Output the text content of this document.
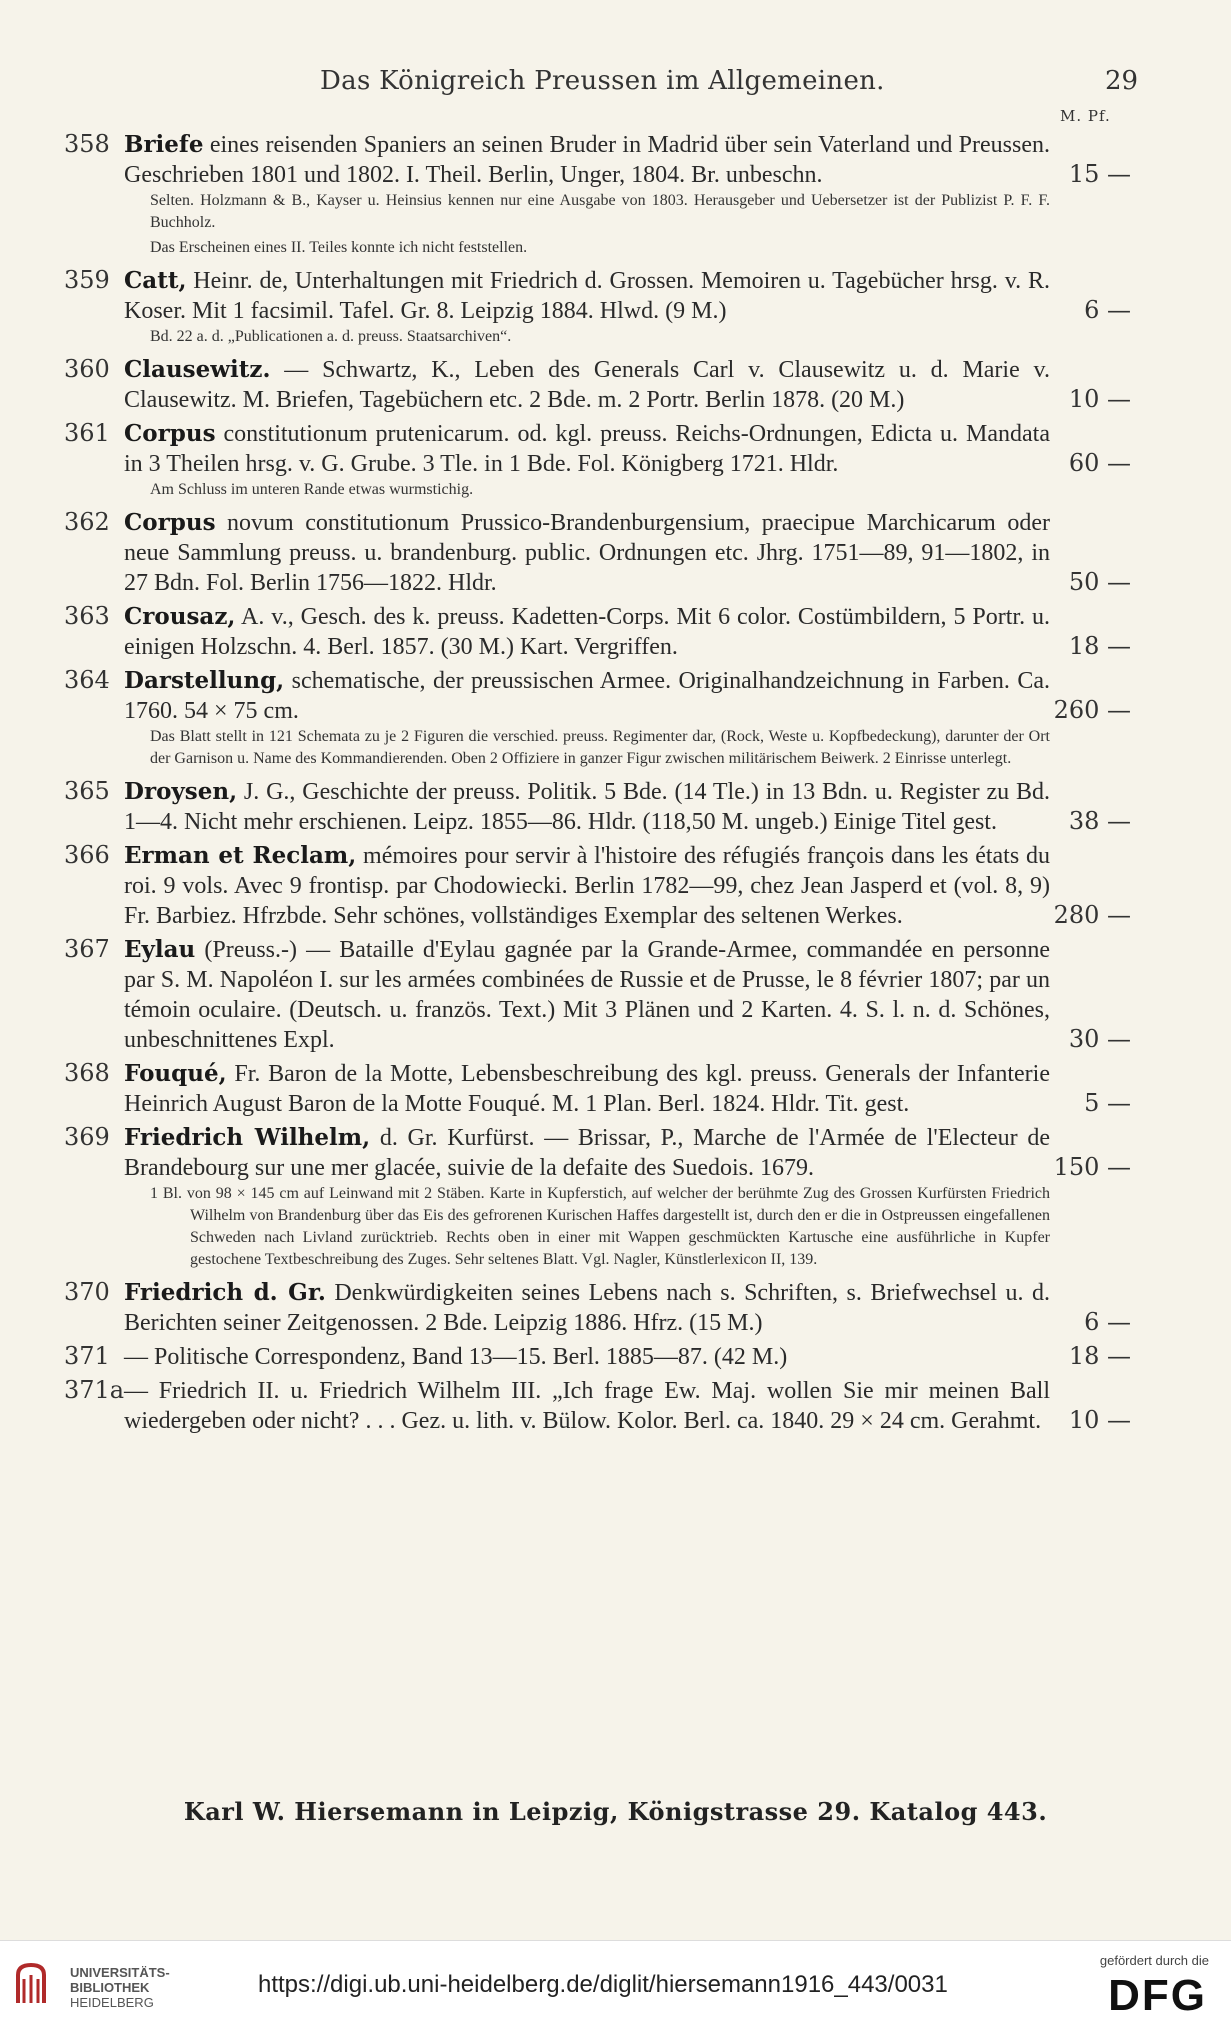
Das Königreich Preussen im Allgemeinen.	29
M. Pf.
358 Briefe eines reisenden Spaniers an seinen Bruder in Madrid über sein Vaterland und Preussen. Geschrieben 1801 und 1802. I. Theil. Berlin, Unger, 1804. Br. unbeschn.	15 —
Selten. Holzmann & B., Kayser u. Heinsius kennen nur eine Ausgabe von 1803. Herausgeber und Uebersetzer ist der Publizist P. F. F. Buchholz.
Das Erscheinen eines II. Teiles konnte ich nicht feststellen.
359 Catt, Heinr. de, Unterhaltungen mit Friedrich d. Grossen. Memoiren u. Tagebücher hrsg. v. R. Koser. Mit 1 facsimil. Tafel. Gr. 8. Leipzig 1884. Hlwd. (9 M.)	6 —
Bd. 22 a. d. „Publicationen a. d. preuss. Staatsarchiven“.
360 Clausewitz. — Schwartz, K., Leben des Generals Carl v. Clausewitz u. d. Marie v. Clausewitz. M. Briefen, Tagebüchern etc. 2 Bde. m. 2 Portr. Berlin 1878. (20 M.)	10 —
361 Corpus constitutionum prutenicarum. od. kgl. preuss. Reichs-Ordnungen, Edicta u. Mandata in 3 Theilen hrsg. v. G. Grube. 3 Tle. in 1 Bde. Fol. Königberg 1721. Hldr.	60 —
Am Schluss im unteren Rande etwas wurmstichig.
362 Corpus novum constitutionum Prussico-Brandenburgensium, praecipue Marchicarum oder neue Sammlung preuss. u. brandenburg. public. Ordnungen etc. Jhrg. 1751—89, 91—1802, in 27 Bdn. Fol. Berlin 1756—1822. Hldr.	50 —
363 Crousaz, A. v., Gesch. des k. preuss. Kadetten-Corps. Mit 6 color. Costümbildern, 5 Portr. u. einigen Holzschn. 4. Berl. 1857. (30 M.) Kart. Vergriffen.	18 —
364 Darstellung, schematische, der preussischen Armee. Originalhandzeichnung in Farben. Ca. 1760. 54 × 75 cm.	260 —
Das Blatt stellt in 121 Schemata zu je 2 Figuren die verschied. preuss. Regimenter dar, (Rock, Weste u. Kopfbedeckung), darunter der Ort der Garnison u. Name des Kommandierenden. Oben 2 Offiziere in ganzer Figur zwischen militärischem Beiwerk. 2 Einrisse unterlegt.
365 Droysen, J. G., Geschichte der preuss. Politik. 5 Bde. (14 Tle.) in 13 Bdn. u. Register zu Bd. 1—4. Nicht mehr erschienen. Leipz. 1855—86. Hldr. (118,50 M. ungeb.) Einige Titel gest.	38 —
366 Erman et Reclam, mémoires pour servir à l'histoire des réfugiés françois dans les états du roi. 9 vols. Avec 9 frontisp. par Chodowiecki. Berlin 1782—99, chez Jean Jasperd et (vol. 8, 9) Fr. Barbiez. Hfrzbde. Sehr schönes, vollständiges Exemplar des seltenen Werkes.	280 —
367 Eylau (Preuss.-) — Bataille d'Eylau gagnée par la Grande-Armee, commandée en personne par S. M. Napoléon I. sur les armées combinées de Russie et de Prusse, le 8 février 1807; par un témoin oculaire. (Deutsch. u. französ. Text.) Mit 3 Plänen und 2 Karten. 4. S. l. n. d. Schönes, unbeschnittenes Expl.	30 —
368 Fouqué, Fr. Baron de la Motte, Lebensbeschreibung des kgl. preuss. Generals der Infanterie Heinrich August Baron de la Motte Fouqué. M. 1 Plan. Berl. 1824. Hldr. Tit. gest.	5 —
369 Friedrich Wilhelm, d. Gr. Kurfürst. — Brissar, P., Marche de l'Armée de l'Electeur de Brandebourg sur une mer glacée, suivie de la defaite des Suedois. 1679.	150 —
1 Bl. von 98 × 145 cm auf Leinwand mit 2 Stäben. Karte in Kupferstich, auf welcher der berühmte Zug des Grossen Kurfürsten Friedrich Wilhelm von Brandenburg über das Eis des gefrorenen Kurischen Haffes dargestellt ist, durch den er die in Ostpreussen eingefallenen Schweden nach Livland zurücktrieb. Rechts oben in einer mit Wappen geschmückten Kartusche eine ausführliche in Kupfer gestochene Textbeschreibung des Zuges. Sehr seltenes Blatt. Vgl. Nagler, Künstlerlexicon II, 139.
370 Friedrich d. Gr. Denkwürdigkeiten seines Lebens nach s. Schriften, s. Briefwechsel u. d. Berichten seiner Zeitgenossen. 2 Bde. Leipzig 1886. Hfrz. (15 M.)	6 —
371 — Politische Correspondenz, Band 13—15. Berl. 1885—87. (42 M.)	18 —
371a — Friedrich II. u. Friedrich Wilhelm III. „Ich frage Ew. Maj. wollen Sie mir meinen Ball wiedergeben oder nicht? . . . Gez. u. lith. v. Bülow. Kolor. Berl. ca. 1840. 29 × 24 cm. Gerahmt.	10 —
Karl W. Hiersemann in Leipzig, Königstrasse 29. Katalog 443.
UNIVERSITÄTS-
BIBLIOTHEK
HEIDELBERG
https://digi.ub.uni-heidelberg.de/diglit/hiersemann1916_443/0031
gefördert durch die
DFG
